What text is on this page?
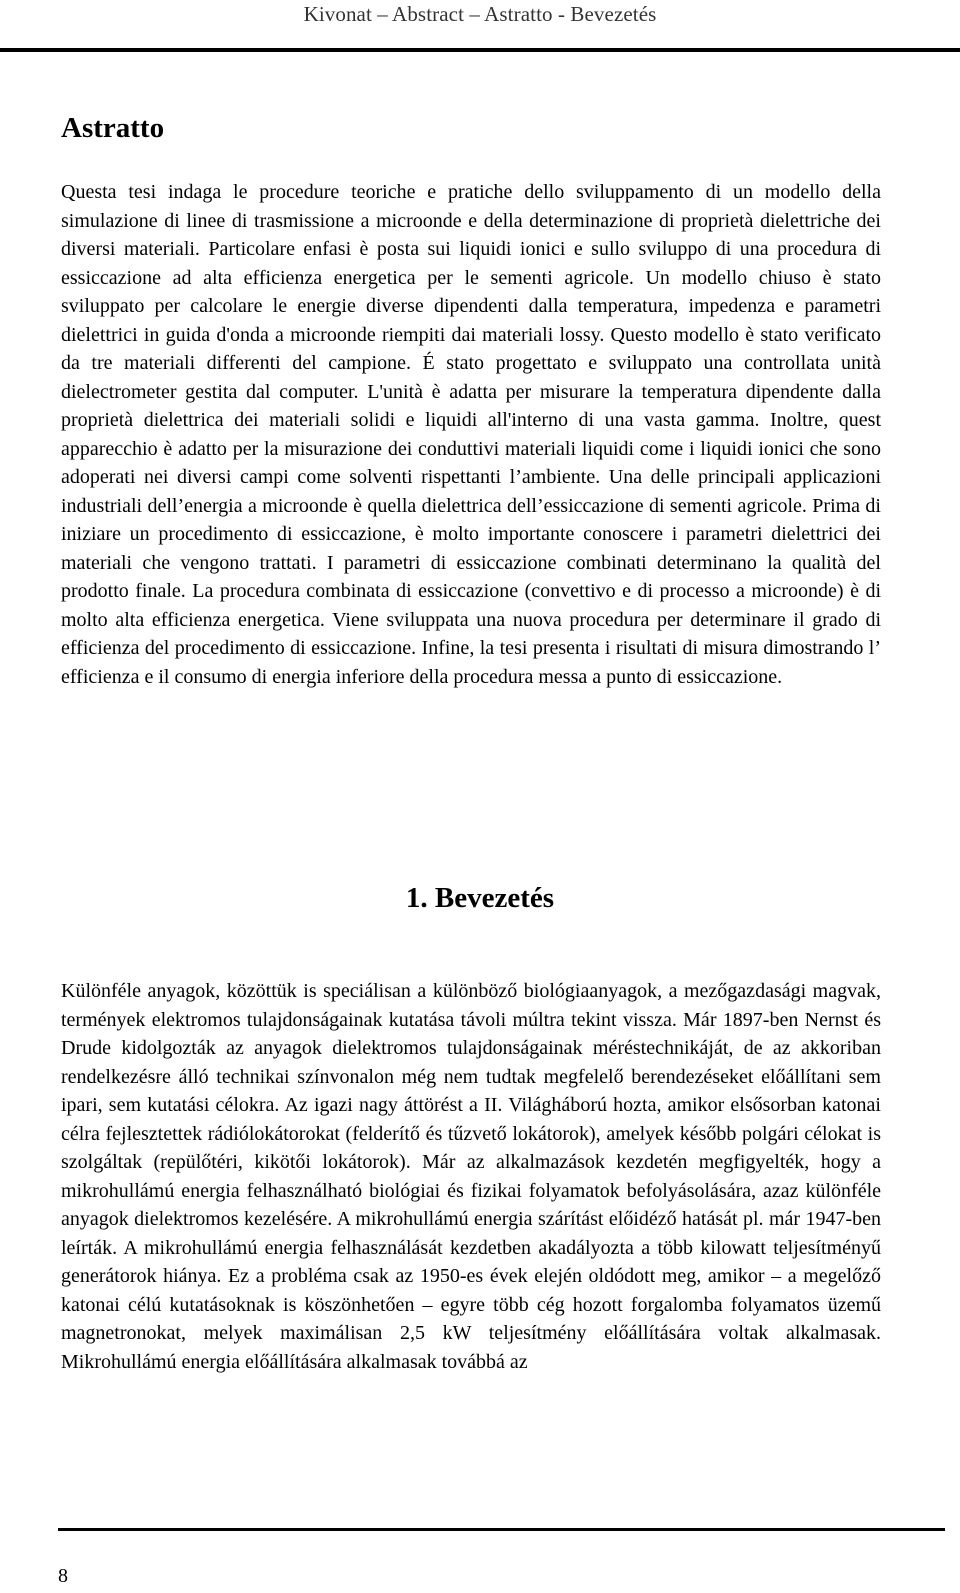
Kivonat – Abstract – Astratto - Bevezetés
Astratto

Questa tesi indaga le procedure teoriche e pratiche dello sviluppamento di un modello della simulazione di linee di trasmissione a microonde e della determinazione di proprietà dielettriche dei diversi materiali. Particolare enfasi è posta sui liquidi ionici e sullo sviluppo di una procedura di essiccazione ad alta efficienza energetica per le sementi agricole. Un modello chiuso è stato sviluppato per calcolare le energie diverse dipendenti dalla temperatura, impedenza e parametri dielettrici in guida d'onda a microonde riempiti dai materiali lossy. Questo modello è stato verificato da tre materiali differenti del campione. É stato progettato e sviluppato una controllata unità dielectrometer gestita dal computer. L'unità è adatta per misurare la temperatura dipendente dalla proprietà dielettrica dei materiali solidi e liquidi all'interno di una vasta gamma. Inoltre, quest apparecchio è adatto per la misurazione dei conduttivi materiali liquidi come i liquidi ionici che sono adoperati nei diversi campi come solventi rispettanti l’ambiente. Una delle principali applicazioni industriali dell’energia a microonde è quella dielettrica dell’essiccazione di sementi agricole. Prima di iniziare un procedimento di essiccazione, è molto importante conoscere i parametri dielettrici dei materiali che vengono trattati. I parametri di essiccazione combinati determinano la qualità del prodotto finale. La procedura combinata di essiccazione (convettivo e di processo a microonde) è di molto alta efficienza energetica. Viene sviluppata una nuova procedura per determinare il grado di efficienza del procedimento di essiccazione. Infine, la tesi presenta i risultati di misura dimostrando l’ efficienza e il consumo di energia inferiore della procedura messa a punto di essiccazione.

1. Bevezetés

Különféle anyagok, közöttük is speciálisan a különböző biológiaanyagok, a mezőgazdasági magvak, termények elektromos tulajdonságainak kutatása távoli múltra tekint vissza. Már 1897-ben Nernst és Drude kidolgozták az anyagok dielektromos tulajdonságainak méréstechnikáját, de az akkoriban rendelkezésre álló technikai színvonalon még nem tudtak megfelelő berendezéseket előállítani sem ipari, sem kutatási célokra. Az igazi nagy áttörést a II. Világháború hozta, amikor elsősorban katonai célra fejlesztettek rádiólokátorokat (felderítő és tűzvető lokátorok), amelyek később polgári célokat is szolgáltak (repülőtéri, kikötői lokátorok). Már az alkalmazások kezdetén megfigyelték, hogy a mikrohullámú energia felhasználható biológiai és fizikai folyamatok befolyásolására, azaz különféle anyagok dielektromos kezelésére. A mikrohullámú energia szárítást előidéző hatását pl. már 1947-ben leírták. A mikrohullámú energia felhasználását kezdetben akadályozta a több kilowatt teljesítményű generátorok hiánya. Ez a probléma csak az 1950-es évek elején oldódott meg, amikor – a megelőző katonai célú kutatásoknak is köszönhetően – egyre több cég hozott forgalomba folyamatos üzemű magnetronokat, melyek maximálisan 2,5 kW teljesítmény előállítására voltak alkalmasak. Mikrohullámú energia előállítására alkalmasak továbbá az

8
